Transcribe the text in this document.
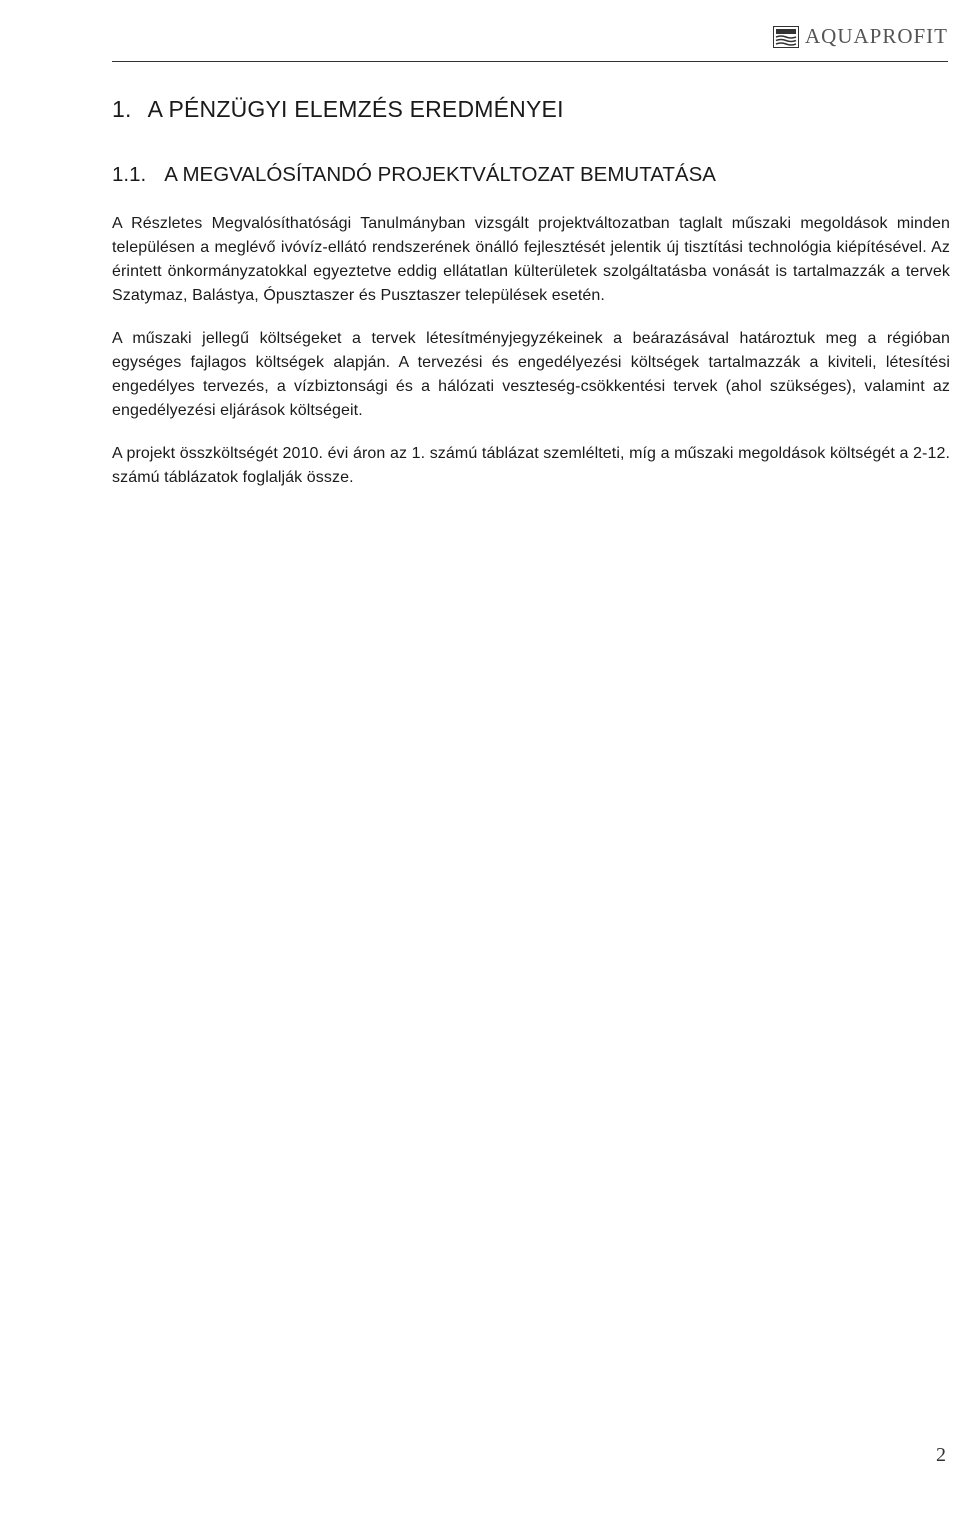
AQUAPROFIT
1. A PÉNZÜGYI ELEMZÉS EREDMÉNYEI
1.1. A MEGVALÓSÍTANDÓ PROJEKTVÁLTOZAT BEMUTATÁSA

A Részletes Megvalósíthatósági Tanulmányban vizsgált projektváltozatban taglalt műszaki megoldások minden településen a meglévő ivóvíz-ellátó rendszerének önálló fejlesztését jelentik új tisztítási technológia kiépítésével. Az érintett önkormányzatokkal egyeztetve eddig ellátatlan külterületek szolgáltatásba vonását is tartalmazzák a tervek Szatymaz, Balástya, Ópusztaszer és Pusztaszer települések esetén.

A műszaki jellegű költségeket a tervek létesítményjegyzékeinek a beárazásával határoztuk meg a régióban egységes fajlagos költségek alapján. A tervezési és engedélyezési költségek tartalmazzák a kiviteli, létesítési engedélyes tervezés, a vízbiztonsági és a hálózati veszteség-csökkentési tervek (ahol szükséges), valamint az engedélyezési eljárások költségeit.

A projekt összköltségét 2010. évi áron az 1. számú táblázat szemlélteti, míg a műszaki megoldások költségét a 2-12. számú táblázatok foglalják össze.

2
